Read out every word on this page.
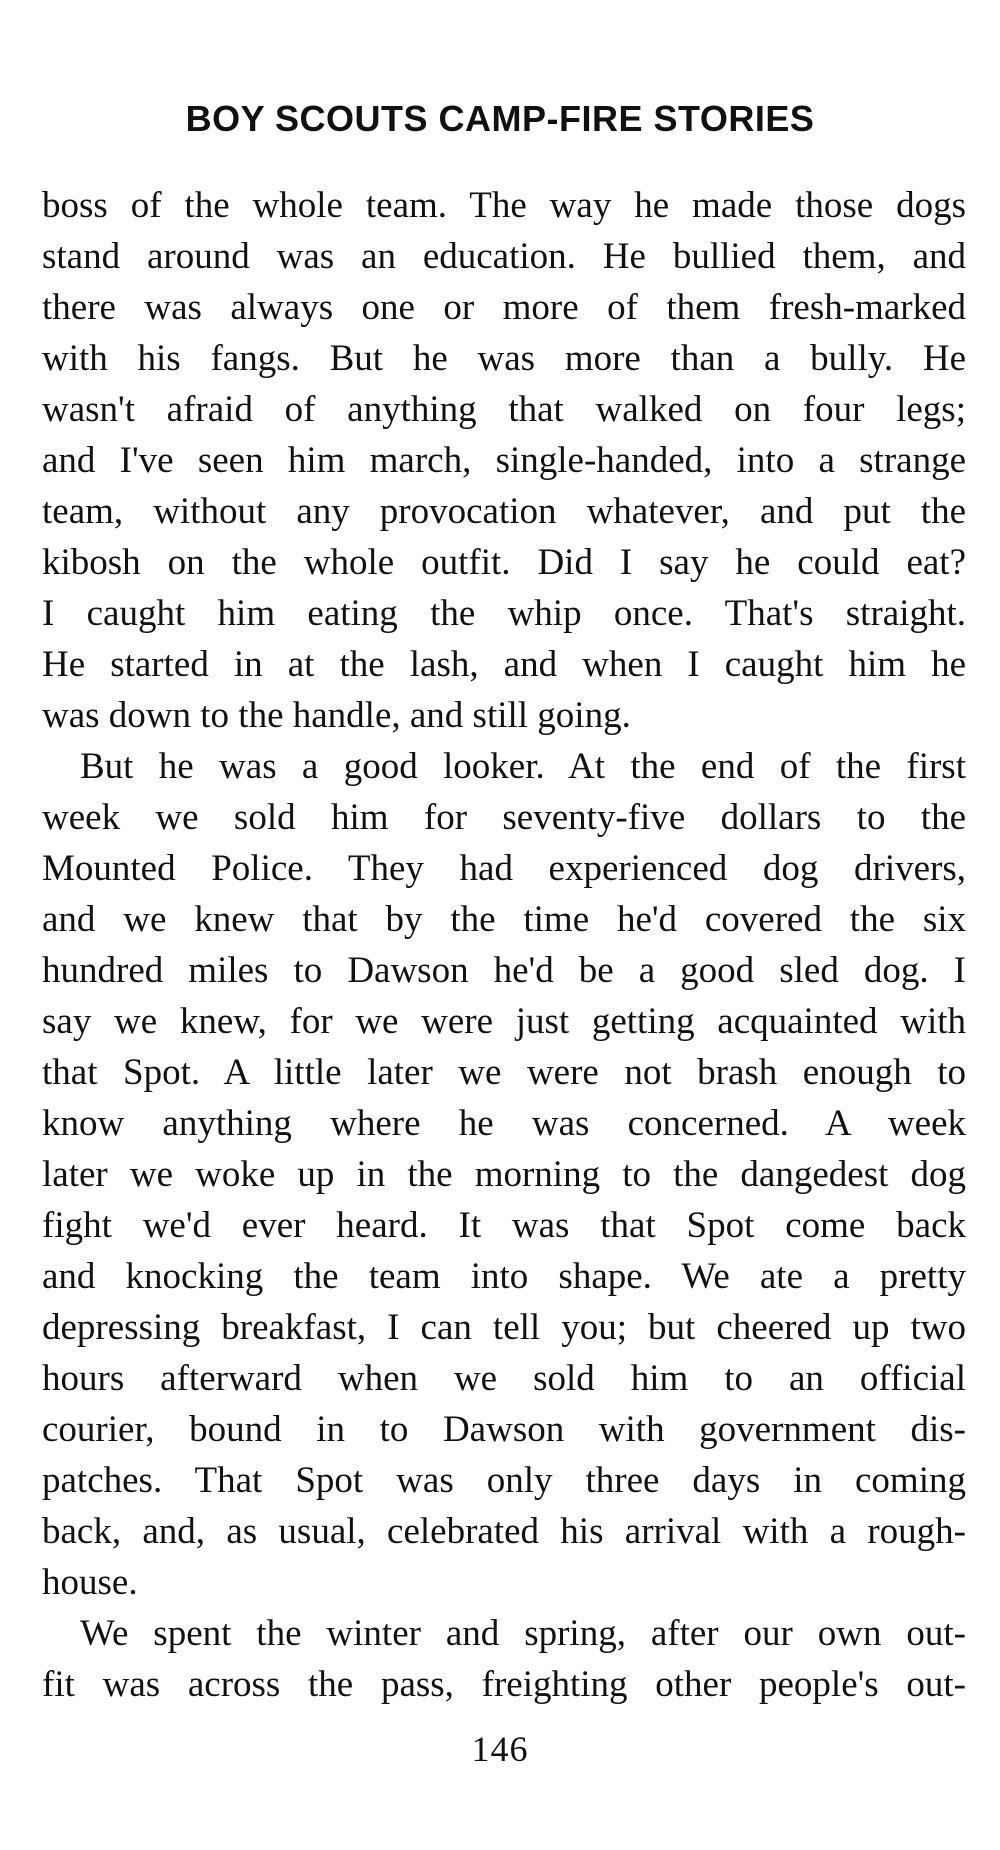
BOY SCOUTS CAMP-FIRE STORIES
boss of the whole team. The way he made those dogs
stand around was an education. He bullied them, and
there was always one or more of them fresh-marked
with his fangs. But he was more than a bully. He
wasn't afraid of anything that walked on four legs;
and I've seen him march, single-handed, into a strange
team, without any provocation whatever, and put the
kibosh on the whole outfit. Did I say he could eat?
I caught him eating the whip once. That's straight.
He started in at the lash, and when I caught him he
was down to the handle, and still going.
But he was a good looker. At the end of the first
week we sold him for seventy-five dollars to the
Mounted Police. They had experienced dog drivers,
and we knew that by the time he'd covered the six
hundred miles to Dawson he'd be a good sled dog. I
say we knew, for we were just getting acquainted with
that Spot. A little later we were not brash enough to
know anything where he was concerned. A week
later we woke up in the morning to the dangedest dog
fight we'd ever heard. It was that Spot come back
and knocking the team into shape. We ate a pretty
depressing breakfast, I can tell you; but cheered up two
hours afterward when we sold him to an official
courier, bound in to Dawson with government dis-
patches. That Spot was only three days in coming
back, and, as usual, celebrated his arrival with a rough-
house.
We spent the winter and spring, after our own out-
fit was across the pass, freighting other people's out-
146
